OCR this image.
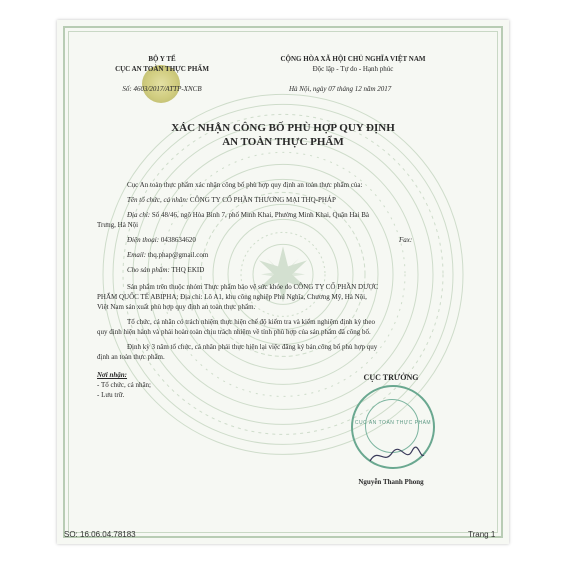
BỘ Y TẾ
CỤC AN TOÀN THỰC PHẨM
Số: 4603/2017/ATTP-XNCB
CỘNG HÒA XÃ HỘI CHỦ NGHĨA VIỆT NAM
Độc lập - Tự do - Hạnh phúc
Hà Nội, ngày 07 tháng 12 năm 2017
XÁC NHẬN CÔNG BỐ PHÙ HỢP QUY ĐỊNH
AN TOÀN THỰC PHẨM
Cục An toàn thực phẩm xác nhận công bố phù hợp quy định an toàn thực phẩm của:
Tên tổ chức, cá nhân: CÔNG TY CỔ PHẦN THƯƠNG MẠI THQ-PHÁP
Địa chỉ: Số 48/46, ngõ Hòa Bình 7, phố Minh Khai, Phường Minh Khai, Quận Hai Bà
Trưng, Hà Nội
Điện thoại: 0438634620	Fax:
Email: thq.phap@gmail.com
Cho sản phẩm: THQ EKID
Sản phẩm trên thuộc nhóm Thực phẩm bảo vệ sức khỏe do CÔNG TY CỔ PHẦN DƯỢC
PHẨM QUỐC TẾ ABIPHA; Địa chỉ: Lô A1, khu công nghiệp Phú Nghĩa, Chương Mỹ, Hà Nội,
Việt Nam sản xuất phù hợp quy định an toàn thực phẩm.
Tổ chức, cá nhân có trách nhiệm thực hiện chế độ kiểm tra và kiểm nghiệm định kỳ theo
quy định hiện hành và phải hoàn toàn chịu trách nhiệm về tính phù hợp của sản phẩm đã công bố.
Định kỳ 3 năm tổ chức, cá nhân phải thực hiện lại việc đăng ký bản công bố phù hợp quy
định an toàn thực phẩm.
Nơi nhận:
- Tổ chức, cá nhân;
- Lưu trữ.
CỤC TRƯỞNG
CỤC AN TOÀN THỰC PHẨM
Nguyễn Thanh Phong
SO: 16.06.04.78183	Trang 1
